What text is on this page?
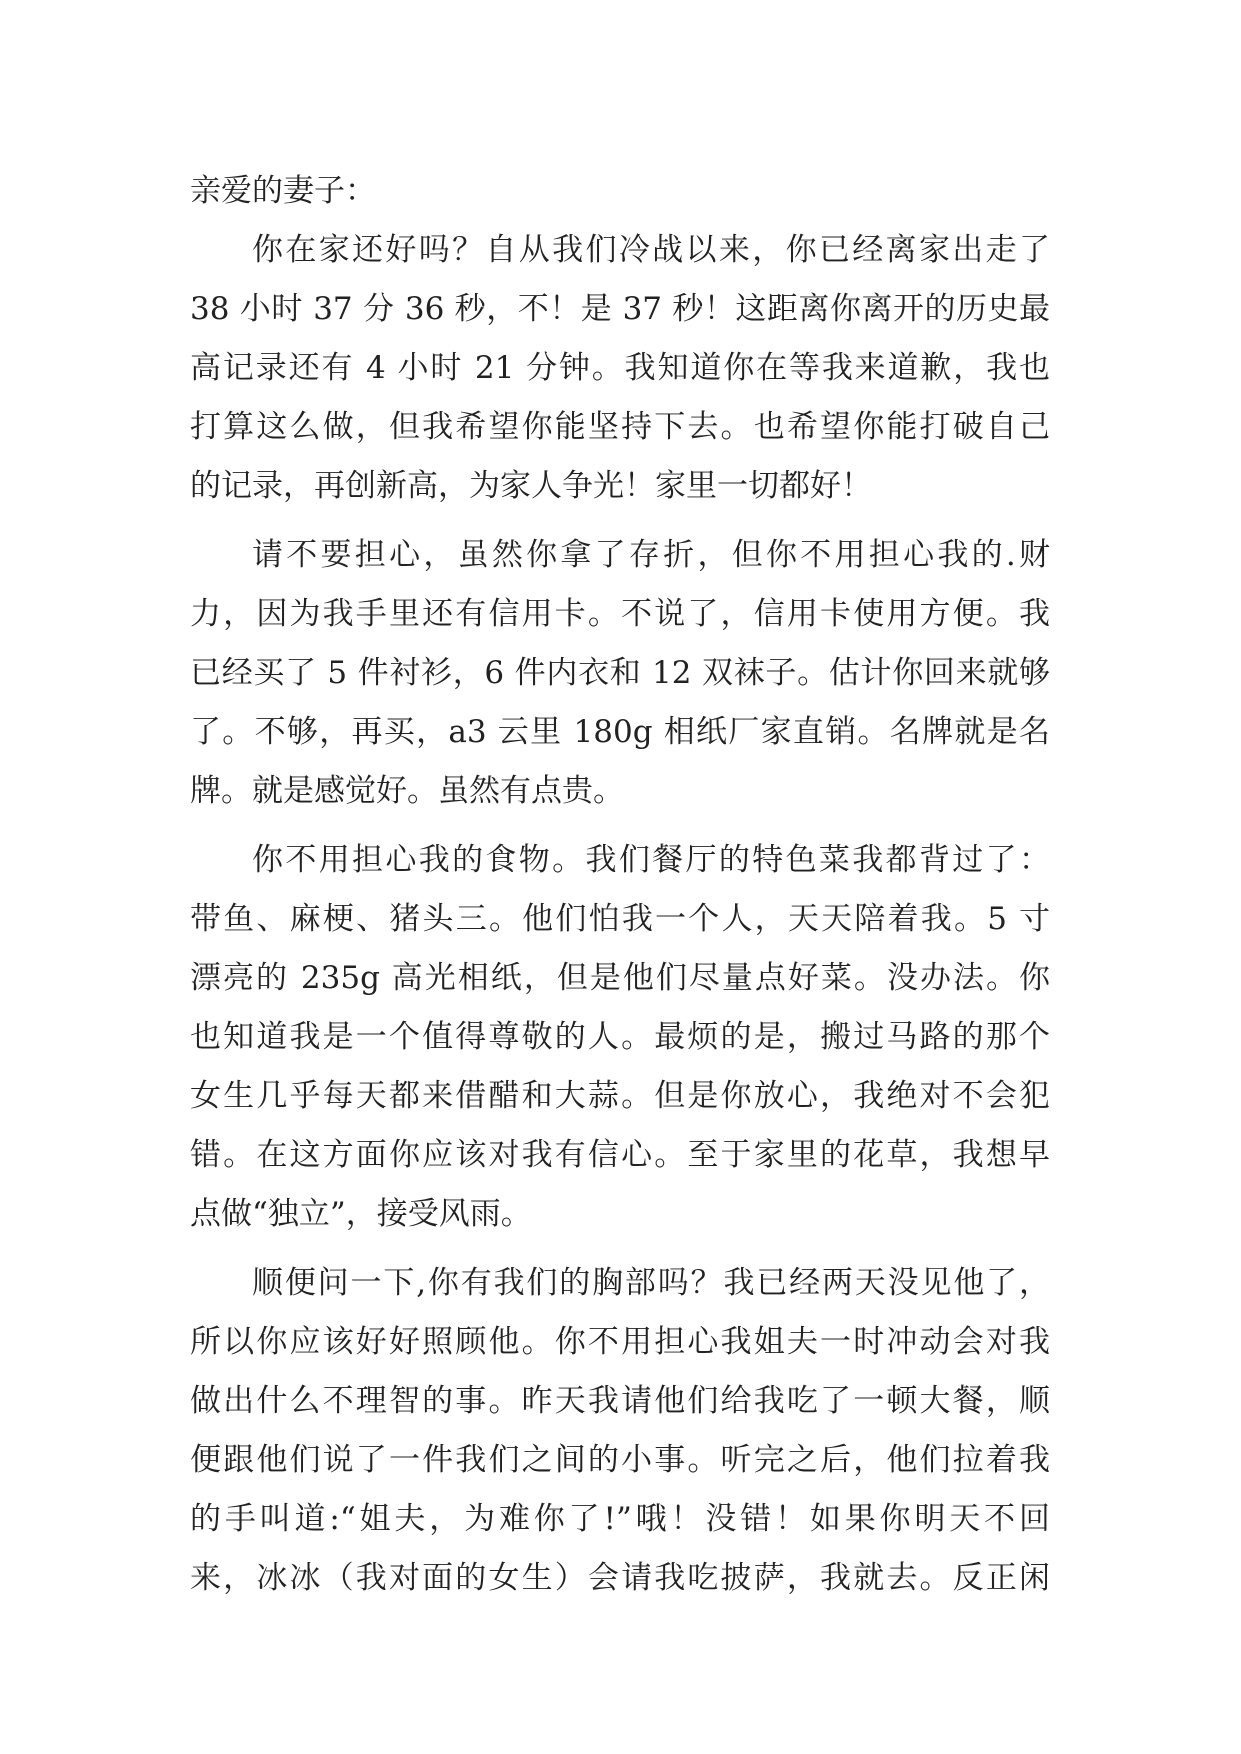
亲爱的妻子：
你在家还好吗？自从我们冷战以来，你已经离家出走了
38 小时 37 分 36 秒，不！是 37 秒！这距离你离开的历史最
高记录还有 4 小时 21 分钟。我知道你在等我来道歉，我也
打算这么做，但我希望你能坚持下去。也希望你能打破自己
的记录，再创新高，为家人争光！家里一切都好！
请不要担心，虽然你拿了存折，但你不用担心我的.财
力，因为我手里还有信用卡。不说了，信用卡使用方便。我
已经买了 5 件衬衫，6 件内衣和 12 双袜子。估计你回来就够
了。不够，再买，a3 云里 180g 相纸厂家直销。名牌就是名
牌。就是感觉好。虽然有点贵。
你不用担心我的食物。我们餐厅的特色菜我都背过了：
带鱼、麻梗、猪头三。他们怕我一个人，天天陪着我。5 寸
漂亮的 235g 高光相纸，但是他们尽量点好菜。没办法。你
也知道我是一个值得尊敬的人。最烦的是，搬过马路的那个
女生几乎每天都来借醋和大蒜。但是你放心，我绝对不会犯
错。在这方面你应该对我有信心。至于家里的花草，我想早
点做“独立”，接受风雨。
顺便问一下,你有我们的胸部吗？我已经两天没见他了，
所以你应该好好照顾他。你不用担心我姐夫一时冲动会对我
做出什么不理智的事。昨天我请他们给我吃了一顿大餐，顺
便跟他们说了一件我们之间的小事。听完之后，他们拉着我
的手叫道:“姐夫，为难你了!”哦！没错！如果你明天不回
来，冰冰（我对面的女生）会请我吃披萨，我就去。反正闲
